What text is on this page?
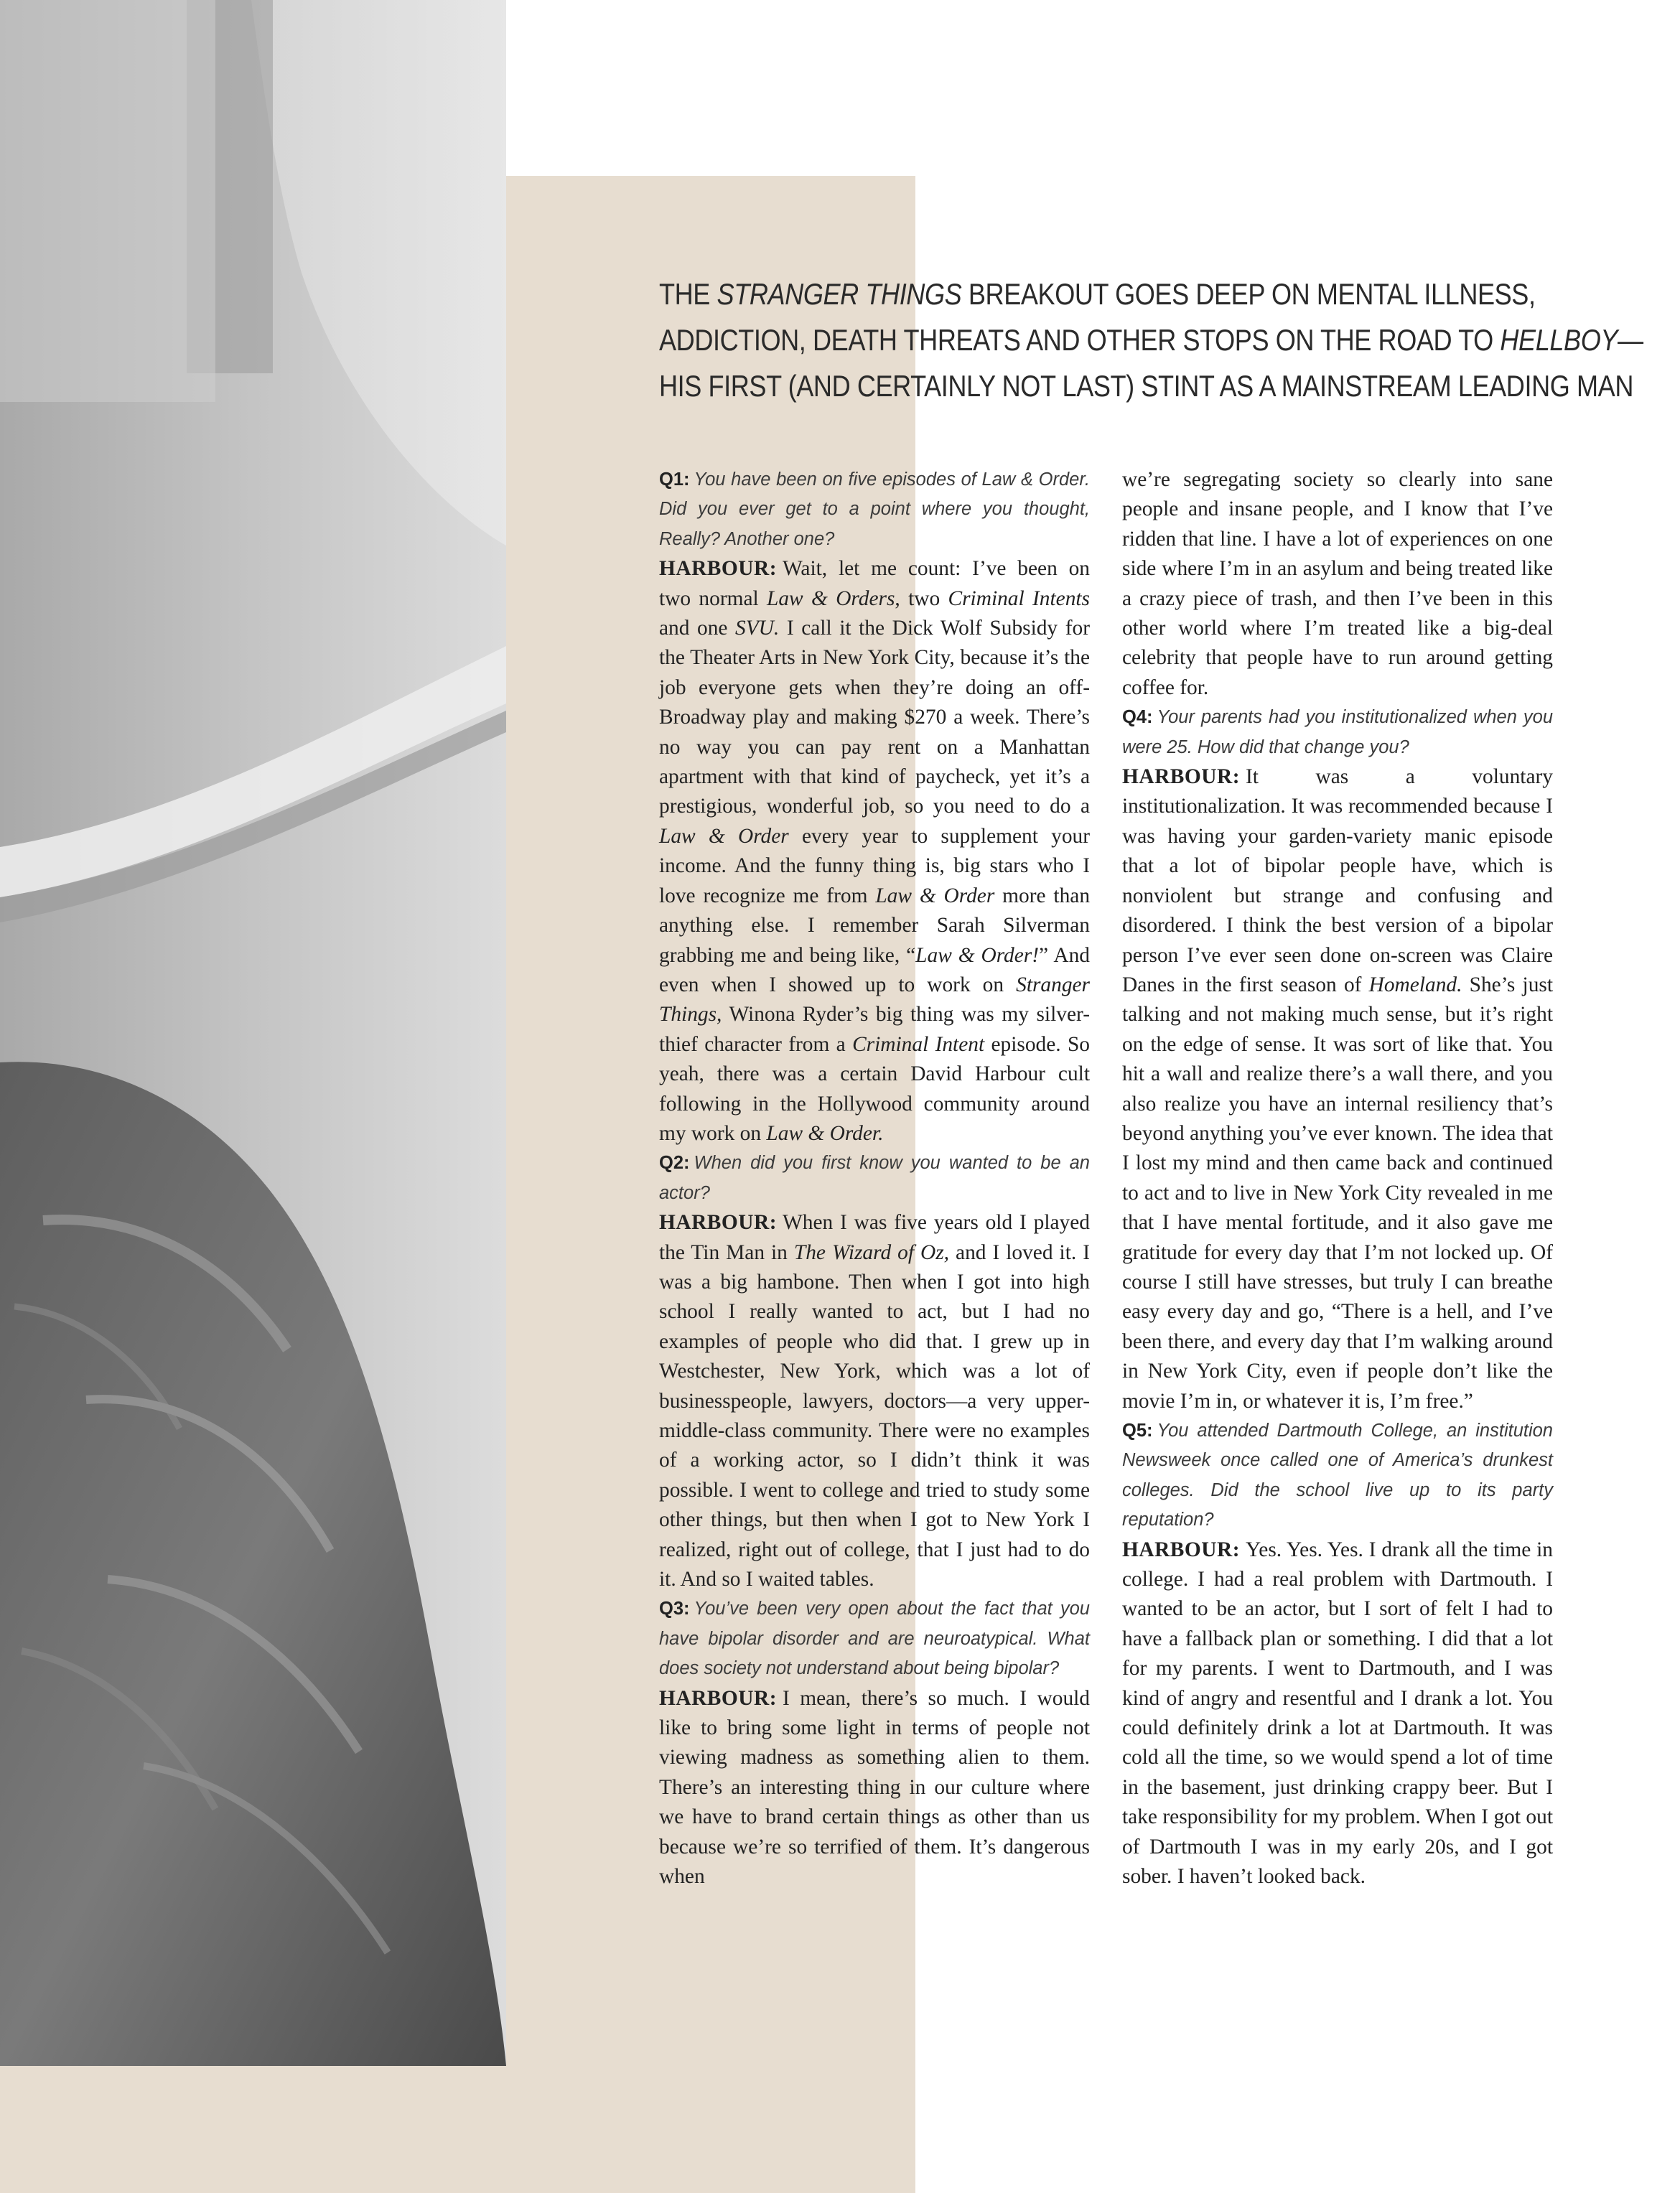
THE STRANGER THINGS BREAKOUT GOES DEEP ON MENTAL ILLNESS,
ADDICTION, DEATH THREATS AND OTHER STOPS ON THE ROAD TO HELLBOY—
HIS FIRST (AND CERTAINLY NOT LAST) STINT AS A MAINSTREAM LEADING MAN

Q1: You have been on five episodes of Law & Order. Did you ever get to a point where you thought, Really? Another one?

HARBOUR: Wait, let me count: I’ve been on two normal Law & Orders, two Criminal Intents and one SVU. I call it the Dick Wolf Subsidy for the Theater Arts in New York City, because it’s the job everyone gets when they’re doing an off-Broadway play and making $270 a week. There’s no way you can pay rent on a Manhattan apartment with that kind of paycheck, yet it’s a prestigious, wonderful job, so you need to do a Law & Order every year to supplement your income. And the funny thing is, big stars who I love recognize me from Law & Order more than anything else. I remember Sarah Silverman grabbing me and being like, “Law & Order!” And even when I showed up to work on Stranger Things, Winona Ryder’s big thing was my silver-thief character from a Criminal Intent episode. So yeah, there was a certain David Harbour cult following in the Hollywood community around my work on Law & Order.

Q2: When did you first know you wanted to be an actor?

HARBOUR: When I was five years old I played the Tin Man in The Wizard of Oz, and I loved it. I was a big hambone. Then when I got into high school I really wanted to act, but I had no examples of people who did that. I grew up in Westchester, New York, which was a lot of businesspeople, lawyers, doctors—a very upper-middle-class community. There were no examples of a working actor, so I didn’t think it was possible. I went to college and tried to study some other things, but then when I got to New York I realized, right out of college, that I just had to do it. And so I waited tables.

Q3: You’ve been very open about the fact that you have bipolar disorder and are neuroatypical. What does society not understand about being bipolar?

HARBOUR: I mean, there’s so much. I would like to bring some light in terms of people not viewing madness as something alien to them. There’s an interesting thing in our culture where we have to brand certain things as other than us because we’re so terrified of them. It’s dangerous when

we’re segregating society so clearly into sane people and insane people, and I know that I’ve ridden that line. I have a lot of experiences on one side where I’m in an asylum and being treated like a crazy piece of trash, and then I’ve been in this other world where I’m treated like a big-deal celebrity that people have to run around getting coffee for.

Q4: Your parents had you institutionalized when you were 25. How did that change you?

HARBOUR: It was a voluntary institutionalization. It was recommended because I was having your garden-variety manic episode that a lot of bipolar people have, which is nonviolent but strange and confusing and disordered. I think the best version of a bipolar person I’ve ever seen done on-screen was Claire Danes in the first season of Homeland. She’s just talking and not making much sense, but it’s right on the edge of sense. It was sort of like that. You hit a wall and realize there’s a wall there, and you also realize you have an internal resiliency that’s beyond anything you’ve ever known. The idea that I lost my mind and then came back and continued to act and to live in New York City revealed in me that I have mental fortitude, and it also gave me gratitude for every day that I’m not locked up. Of course I still have stresses, but truly I can breathe easy every day and go, “There is a hell, and I’ve been there, and every day that I’m walking around in New York City, even if people don’t like the movie I’m in, or whatever it is, I’m free.”

Q5: You attended Dartmouth College, an institution Newsweek once called one of America’s drunkest colleges. Did the school live up to its party reputation?

HARBOUR: Yes. Yes. Yes. I drank all the time in college. I had a real problem with Dartmouth. I wanted to be an actor, but I sort of felt I had to have a fallback plan or something. I did that a lot for my parents. I went to Dartmouth, and I was kind of angry and resentful and I drank a lot. You could definitely drink a lot at Dartmouth. It was cold all the time, so we would spend a lot of time in the basement, just drinking crappy beer. But I take responsibility for my problem. When I got out of Dartmouth I was in my early 20s, and I got sober. I haven’t looked back.
